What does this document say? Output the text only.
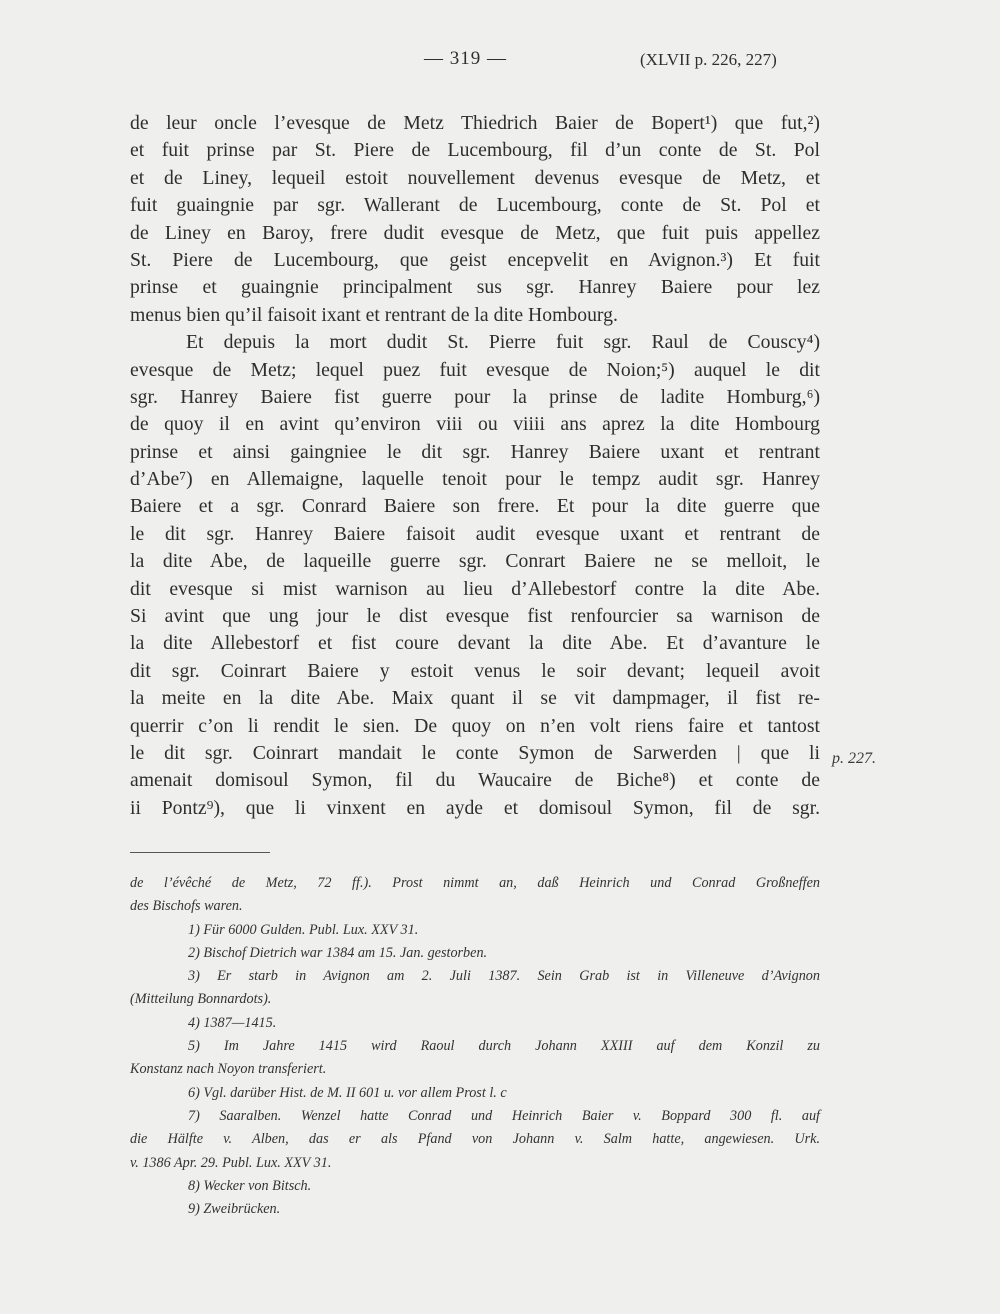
— 319 —	(XLVII p. 226, 227)
de leur oncle l’evesque de Metz Thiedrich Baier de Bopert¹) que fut,²)
et fuit prinse par St. Piere de Lucembourg, fil d’un conte de St. Pol
et de Liney, lequeil estoit nouvellement devenus evesque de Metz, et
fuit guaingnie par sgr. Wallerant de Lucembourg, conte de St. Pol et
de Liney en Baroy, frere dudit evesque de Metz, que fuit puis appellez
St. Piere de Lucembourg, que geist encepvelit en Avignon.³) Et fuit
prinse et guaingnie principalment sus sgr. Hanrey Baiere pour lez
menus bien qu’il faisoit ixant et rentrant de la dite Hombourg.
Et depuis la mort dudit St. Pierre fuit sgr. Raul de Couscy⁴)
evesque de Metz; lequel puez fuit evesque de Noion;⁵) auquel le dit
sgr. Hanrey Baiere fist guerre pour la prinse de ladite Homburg,⁶)
de quoy il en avint qu’environ viii ou viiii ans aprez la dite Hombourg
prinse et ainsi gaingniee le dit sgr. Hanrey Baiere uxant et rentrant
d’Abe⁷) en Allemaigne, laquelle tenoit pour le tempz audit sgr. Hanrey
Baiere et a sgr. Conrard Baiere son frere. Et pour la dite guerre que
le dit sgr. Hanrey Baiere faisoit audit evesque uxant et rentrant de
la dite Abe, de laqueille guerre sgr. Conrart Baiere ne se melloit, le
dit evesque si mist warnison au lieu d’Allebestorf contre la dite Abe.
Si avint que ung jour le dist evesque fist renfourcier sa warnison de
la dite Allebestorf et fist coure devant la dite Abe. Et d’avanture le
dit sgr. Coinrart Baiere y estoit venus le soir devant; lequeil avoit
la meite en la dite Abe. Maix quant il se vit dampmager, il fist re-
querrir c’on li rendit le sien. De quoy on n’en volt riens faire et tantost
le dit sgr. Coinrart mandait le conte Symon de Sarwerden | que li
amenait domisoul Symon, fil du Waucaire de Biche⁸) et conte de
ii Pontz⁹), que li vinxent en ayde et domisoul Symon, fil de sgr.
p. 227.
de l’évêché de Metz, 72 ff.). Prost nimmt an, daß Heinrich und Conrad Großneffen
des Bischofs waren.
1) Für 6000 Gulden. Publ. Lux. XXV 31.
2) Bischof Dietrich war 1384 am 15. Jan. gestorben.
3) Er starb in Avignon am 2. Juli 1387. Sein Grab ist in Villeneuve d’Avignon
(Mitteilung Bonnardots).
4) 1387—1415.
5) Im Jahre 1415 wird Raoul durch Johann XXIII auf dem Konzil zu
Konstanz nach Noyon transferiert.
6) Vgl. darüber Hist. de M. II 601 u. vor allem Prost l. c
7) Saaralben. Wenzel hatte Conrad und Heinrich Baier v. Boppard 300 fl. auf
die Hälfte v. Alben, das er als Pfand von Johann v. Salm hatte, angewiesen. Urk.
v. 1386 Apr. 29. Publ. Lux. XXV 31.
8) Wecker von Bitsch.
9) Zweibrücken.
